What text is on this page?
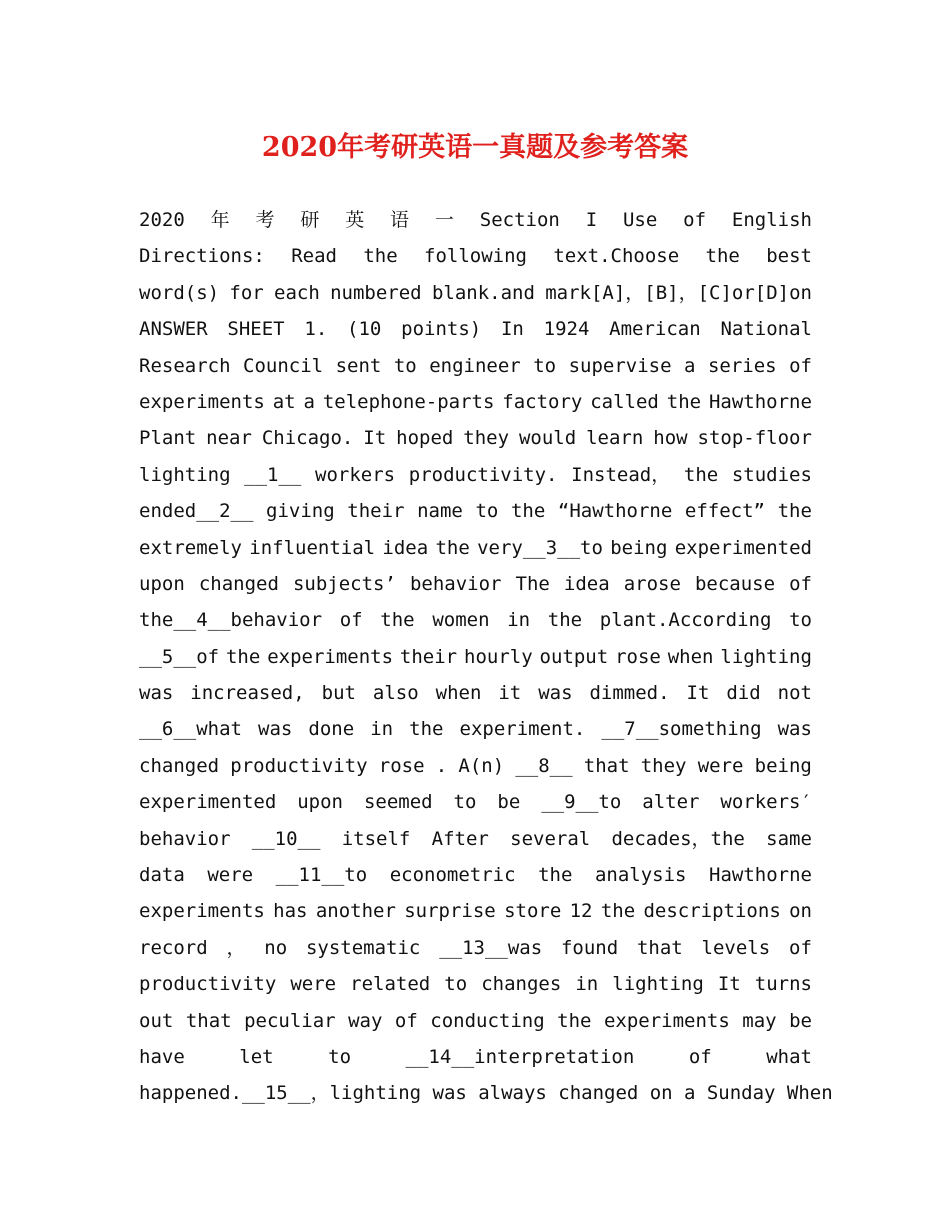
2020年考研英语一真题及参考答案
2020 年 考 研 英 语 一 Section I Use of English
Directions: Read the following text.Choose the best
word(s) for each numbered blank.and mark[A]，[B]，[C]or[D]on
ANSWER SHEET 1. (10 points) In 1924 American National
Research Council sent to engineer to supervise a series of
experiments at a telephone-parts factory called the Hawthorne
Plant near Chicago. It hoped they would learn how stop-floor
lighting __1__ workers productivity. Instead， the studies
ended__2__ giving their name to the “Hawthorne effect” the
extremely influential idea the very__3__to being experimented
upon changed subjects’ behavior The idea arose because of
the__4__behavior of the women in the plant.According to
__5__of the experiments their hourly output rose when lighting
was increased, but also when it was dimmed. It did not
__6__what was done in the experiment. __7__something was
changed productivity rose . A(n) __8__ that they were being
experimented upon seemed to be __9__to alter workers′
behavior __10__ itself After several decades，the same
data were __11__to econometric the analysis Hawthorne
experiments has another surprise store 12 the descriptions on
record ， no systematic __13__was found that levels of
productivity were related to changes in lighting It turns
out that peculiar way of conducting the experiments may be
have	let	to	__14__interpretation	of	what
happened.__15__，lighting was always changed on a Sunday When
